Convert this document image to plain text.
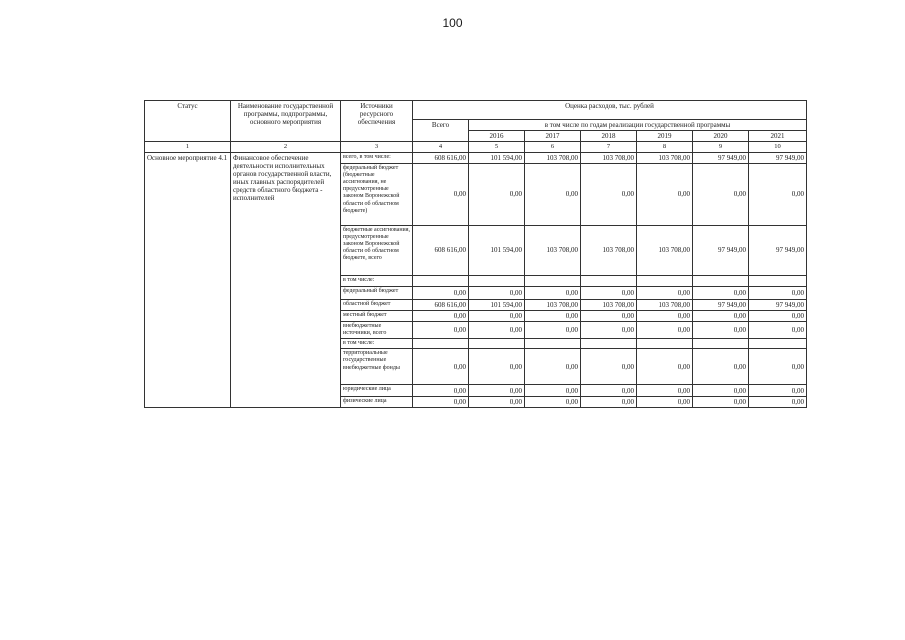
100
Статус	Наименование государственной программы, подпрограммы, основного мероприятия	Источники ресурсного обеспечения	Оценка расходов, тыс. рублей						
			Всего	в том числе по годам реализации государственной программы					
				2016	2017	2018	2019	2020	2021
1	2	3	4	5	6	7	8	9	10
Основное мероприятие 4.1	Финансовое обеспечение деятельности исполнительных органов государственной власти, иных главных распорядителей средств областного бюджета - исполнителей	всего, в том числе:	608 616,00	101 594,00	103 708,00	103 708,00	103 708,00	97 949,00	97 949,00
		федеральный бюджет (бюджетные ассигнования, не предусмотренные законом Воронежской области об областном бюджете)	0,00	0,00	0,00	0,00	0,00	0,00	0,00
		бюджетные ассигнования, предусмотренные законом Воронежской области об областном бюджете, всего	608 616,00	101 594,00	103 708,00	103 708,00	103 708,00	97 949,00	97 949,00
		в том числе:							
		федеральный бюджет	0,00	0,00	0,00	0,00	0,00	0,00	0,00
		областной бюджет	608 616,00	101 594,00	103 708,00	103 708,00	103 708,00	97 949,00	97 949,00
		местный бюджет	0,00	0,00	0,00	0,00	0,00	0,00	0,00
		внебюджетные источники, всего	0,00	0,00	0,00	0,00	0,00	0,00	0,00
		в том числе:							
		территориальные государственные внебюджетные фонды	0,00	0,00	0,00	0,00	0,00	0,00	0,00
		юридические лица	0,00	0,00	0,00	0,00	0,00	0,00	0,00
		физические лица	0,00	0,00	0,00	0,00	0,00	0,00	0,00
